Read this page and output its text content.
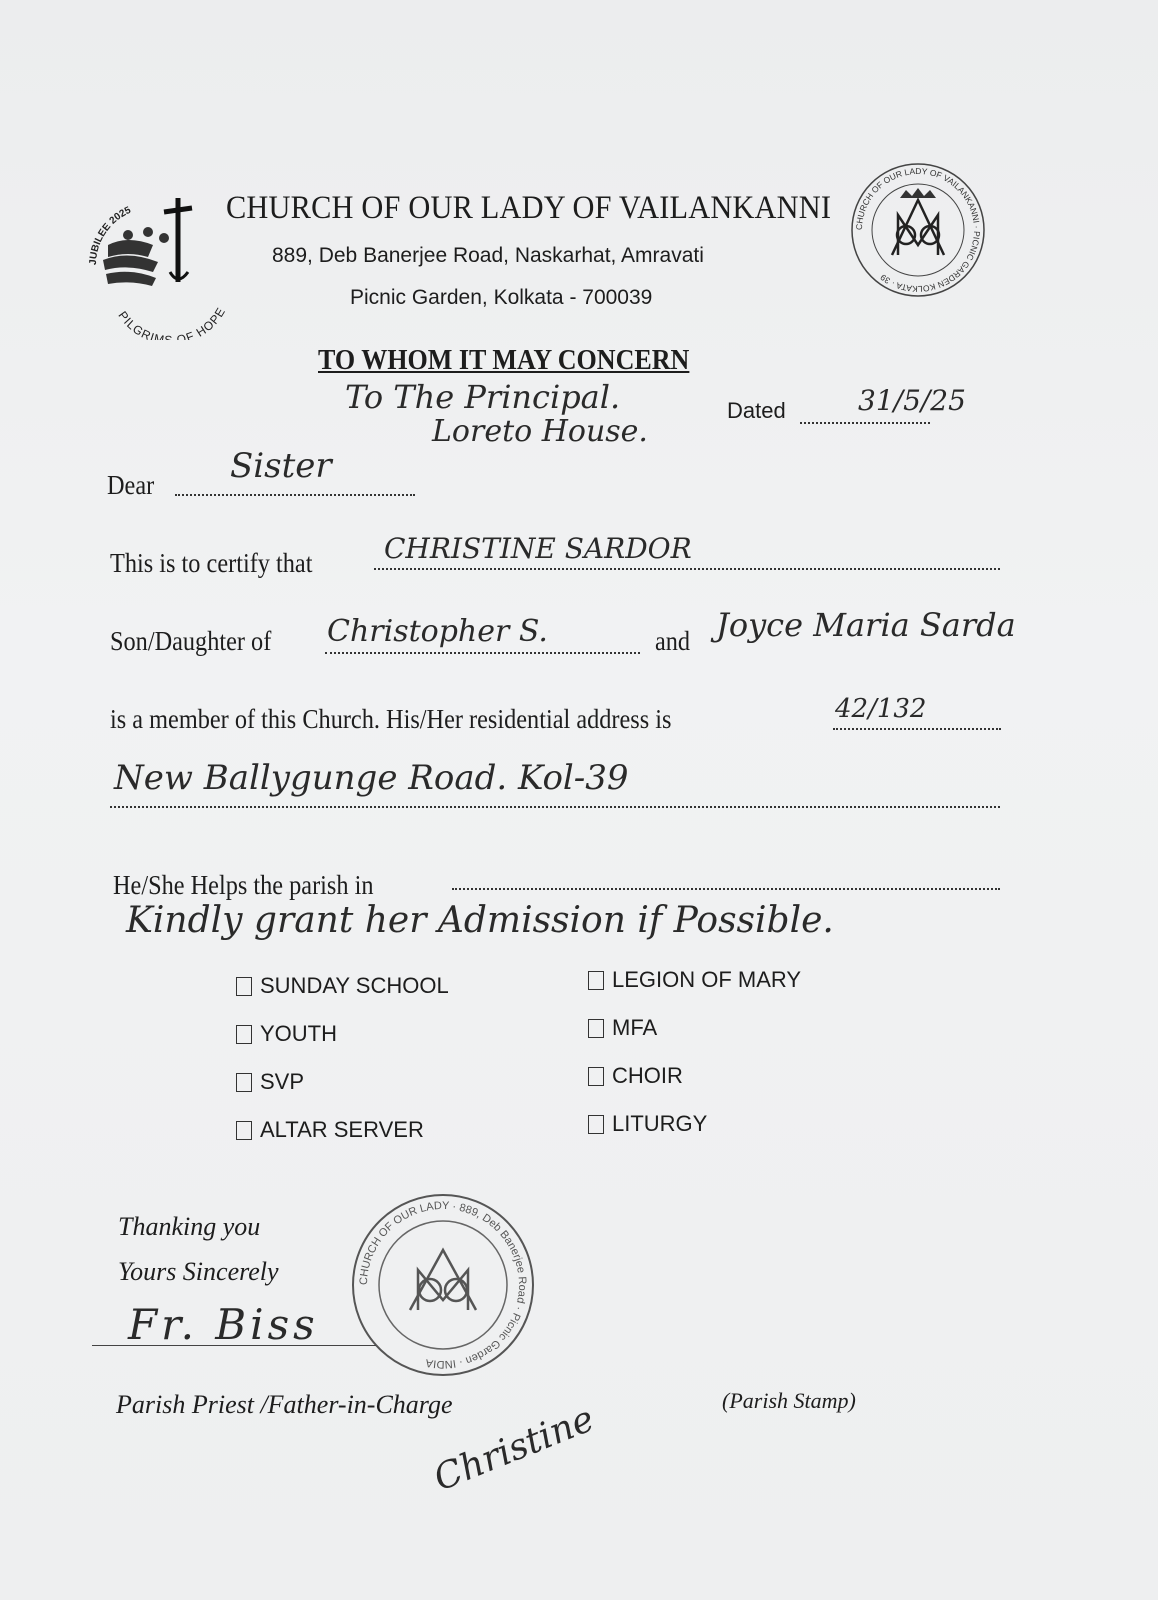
JUBILEE 2025
PILGRIM OF HOPE
CHURCH OF OUR LADY OF VAILANKANNI
889, Deb Banerjee Road, Naskarhat, Amravati
Picnic Garden, Kolkata - 700039
CHURCH OF OUR LADY OF VAILANKANNI · PICNIC GARDEN KOLKATA · 39
TO WHOM IT MAY CONCERN
To The Principal.
Loreto House.
Dated	31/5/25
Dear Sister
This is to certify that	CHRISTINE SARDOR
Son/Daughter of Christopher S.	and Joyce Maria Sarda
is a member of this Church. His/Her residential address is	42/132
New Ballygunge Road. Kol-39
He/She Helps the parish in
Kindly grant her Admission if Possible.
SUNDAY SCHOOL
YOUTH
SVP
ALTAR SERVER
LEGION OF MARY
MFA
CHOIR
LITURGY
Thanking you
Yours Sincerely	CHURCH OF OUR LADY · 889, Deb Banerjee Road · Picnic Garden · INDIA
Fr. Biss
Parish Priest /Father-in-Charge	(Parish Stamp)
Christine
